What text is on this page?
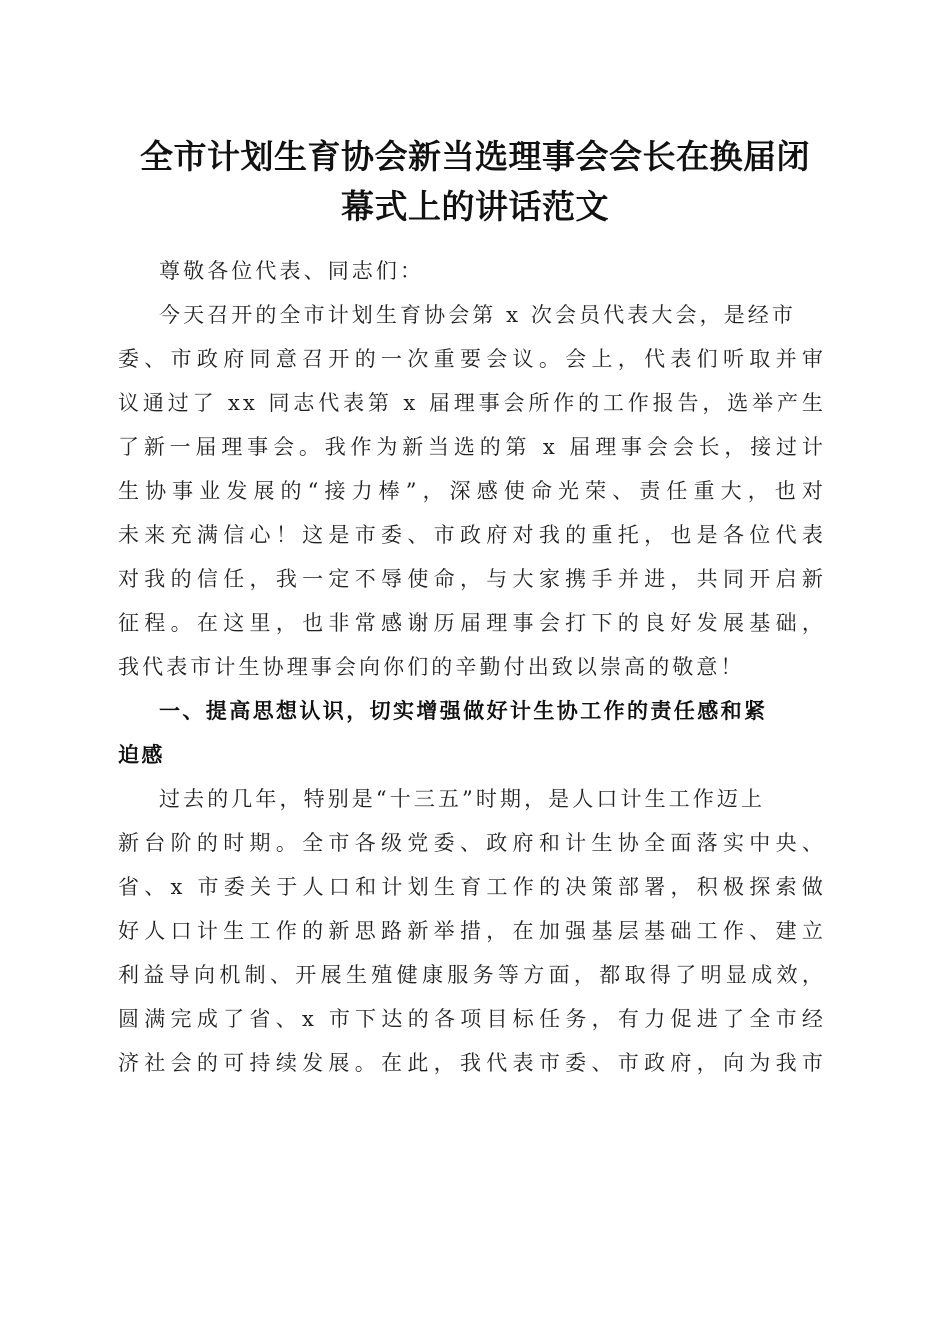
全市计划生育协会新当选理事会会长在换届闭
幕式上的讲话范文
尊敬各位代表、同志们：
今天召开的全市计划生育协会第 x 次会员代表大会，是经市
委、市政府同意召开的一次重要会议。会上，代表们听取并审
议通过了 xx 同志代表第 x 届理事会所作的工作报告，选举产生
了新一届理事会。我作为新当选的第 x 届理事会会长，接过计
生协事业发展的“接力棒”，深感使命光荣、责任重大，也对
未来充满信心！这是市委、市政府对我的重托，也是各位代表
对我的信任，我一定不辱使命，与大家携手并进，共同开启新
征程。在这里，也非常感谢历届理事会打下的良好发展基础，
我代表市计生协理事会向你们的辛勤付出致以崇高的敬意！
一、提高思想认识，切实增强做好计生协工作的责任感和紧
迫感
过去的几年，特别是“十三五”时期，是人口计生工作迈上
新台阶的时期。全市各级党委、政府和计生协全面落实中央、
省、x 市委关于人口和计划生育工作的决策部署，积极探索做
好人口计生工作的新思路新举措，在加强基层基础工作、建立
利益导向机制、开展生殖健康服务等方面，都取得了明显成效，
圆满完成了省、x 市下达的各项目标任务，有力促进了全市经
济社会的可持续发展。在此，我代表市委、市政府，向为我市
